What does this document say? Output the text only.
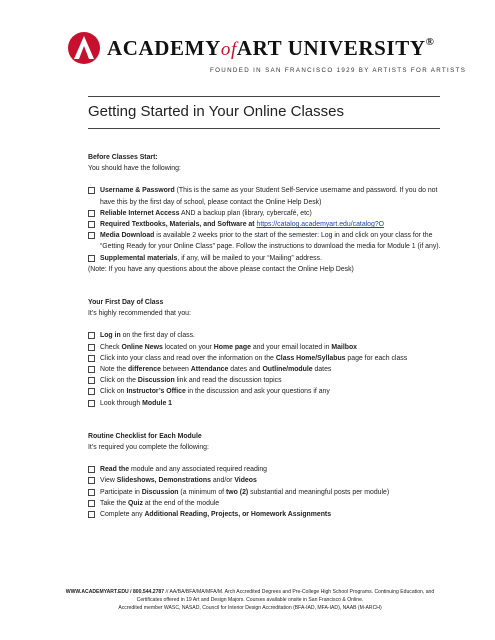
ACADEMYofART UNIVERSITY®
FOUNDED IN SAN FRANCISCO 1929 BY ARTISTS FOR ARTISTS
Getting Started in Your Online Classes

Before Classes Start:

You should have the following:

Username & Password (This is the same as your Student Self-Service username and password. If you do not have this by the first day of school, please contact the Online Help Desk)
Reliable Internet Access AND a backup plan (library, cybercafé, etc)
Required Textbooks, Materials, and Software at https://catalog.academyart.edu/catalog?O
Media Download is available 2 weeks prior to the start of the semester: Log in and click on your class for the

“Getting Ready for your Online Class” page. Follow the instructions to download the media for Module 1 (if any).

Supplemental materials, if any, will be mailed to your “Mailing” address.

(Note: If you have any questions about the above please contact the Online Help Desk)

Your First Day of Class

It’s highly recommended that you:

Log in on the first day of class.
Check Online News located on your Home page and your email located in Mailbox
Click into your class and read over the information on the Class Home/Syllabus page for each class
Note the difference between Attendance dates and Outline/module dates
Click on the Discussion link and read the discussion topics
Click on Instructor’s Office in the discussion and ask your questions if any
Look through Module 1

Routine Checklist for Each Module

It’s required you complete the following:

Read the module and any associated required reading
View Slideshows, Demonstrations and/or Videos
Participate in Discussion (a minimum of two (2) substantial and meaningful posts per module)
Take the Quiz at the end of the module
Complete any Additional Reading, Projects, or Homework Assignments

WWW.ACADEMYART.EDU / 800.544.2787 // AA/BA/BFA/MA/MFA/M. Arch Accredited Degrees and Pre-College High School Programs. Continuing Education, and Certificates offered in 19 Art and Design Majors. Courses available onsite in San Francisco & Online.

Accredited member WASC, NASAD, Council for Interior Design Accreditation (BFA-IAD, MFA-IAD), NAAB (M-ARCH)
